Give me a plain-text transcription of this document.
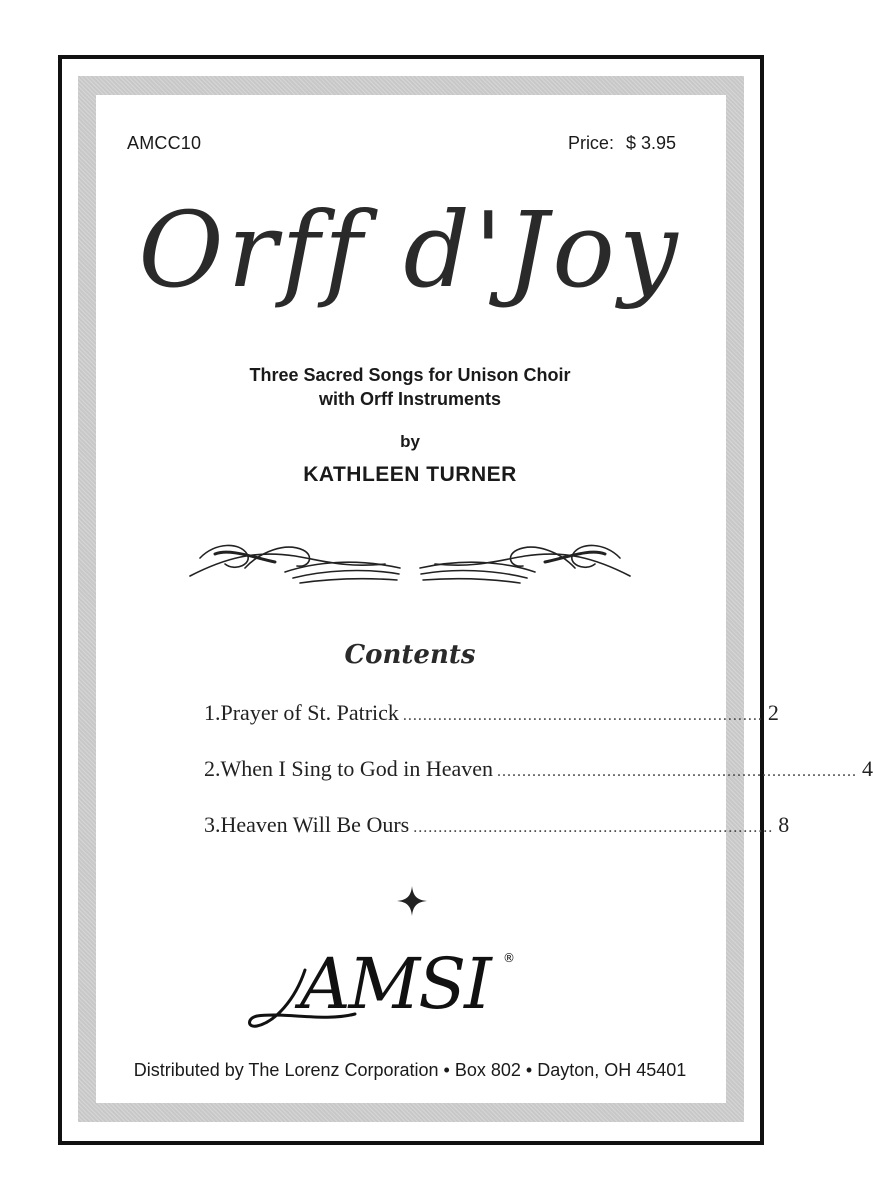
AMCC10	Price: $ 3.95
Orff d'Joy
Three Sacred Songs for Unison Choir
with Orff Instruments
by
KATHLEEN TURNER
Contents
1. Prayer of St. Patrick ........................................................................ 2
2. When I Sing to God in Heaven ........................................................................ 4
3. Heaven Will Be Ours ........................................................................ 8
AMSI ®
Distributed by The Lorenz Corporation • Box 802 • Dayton, OH 45401
